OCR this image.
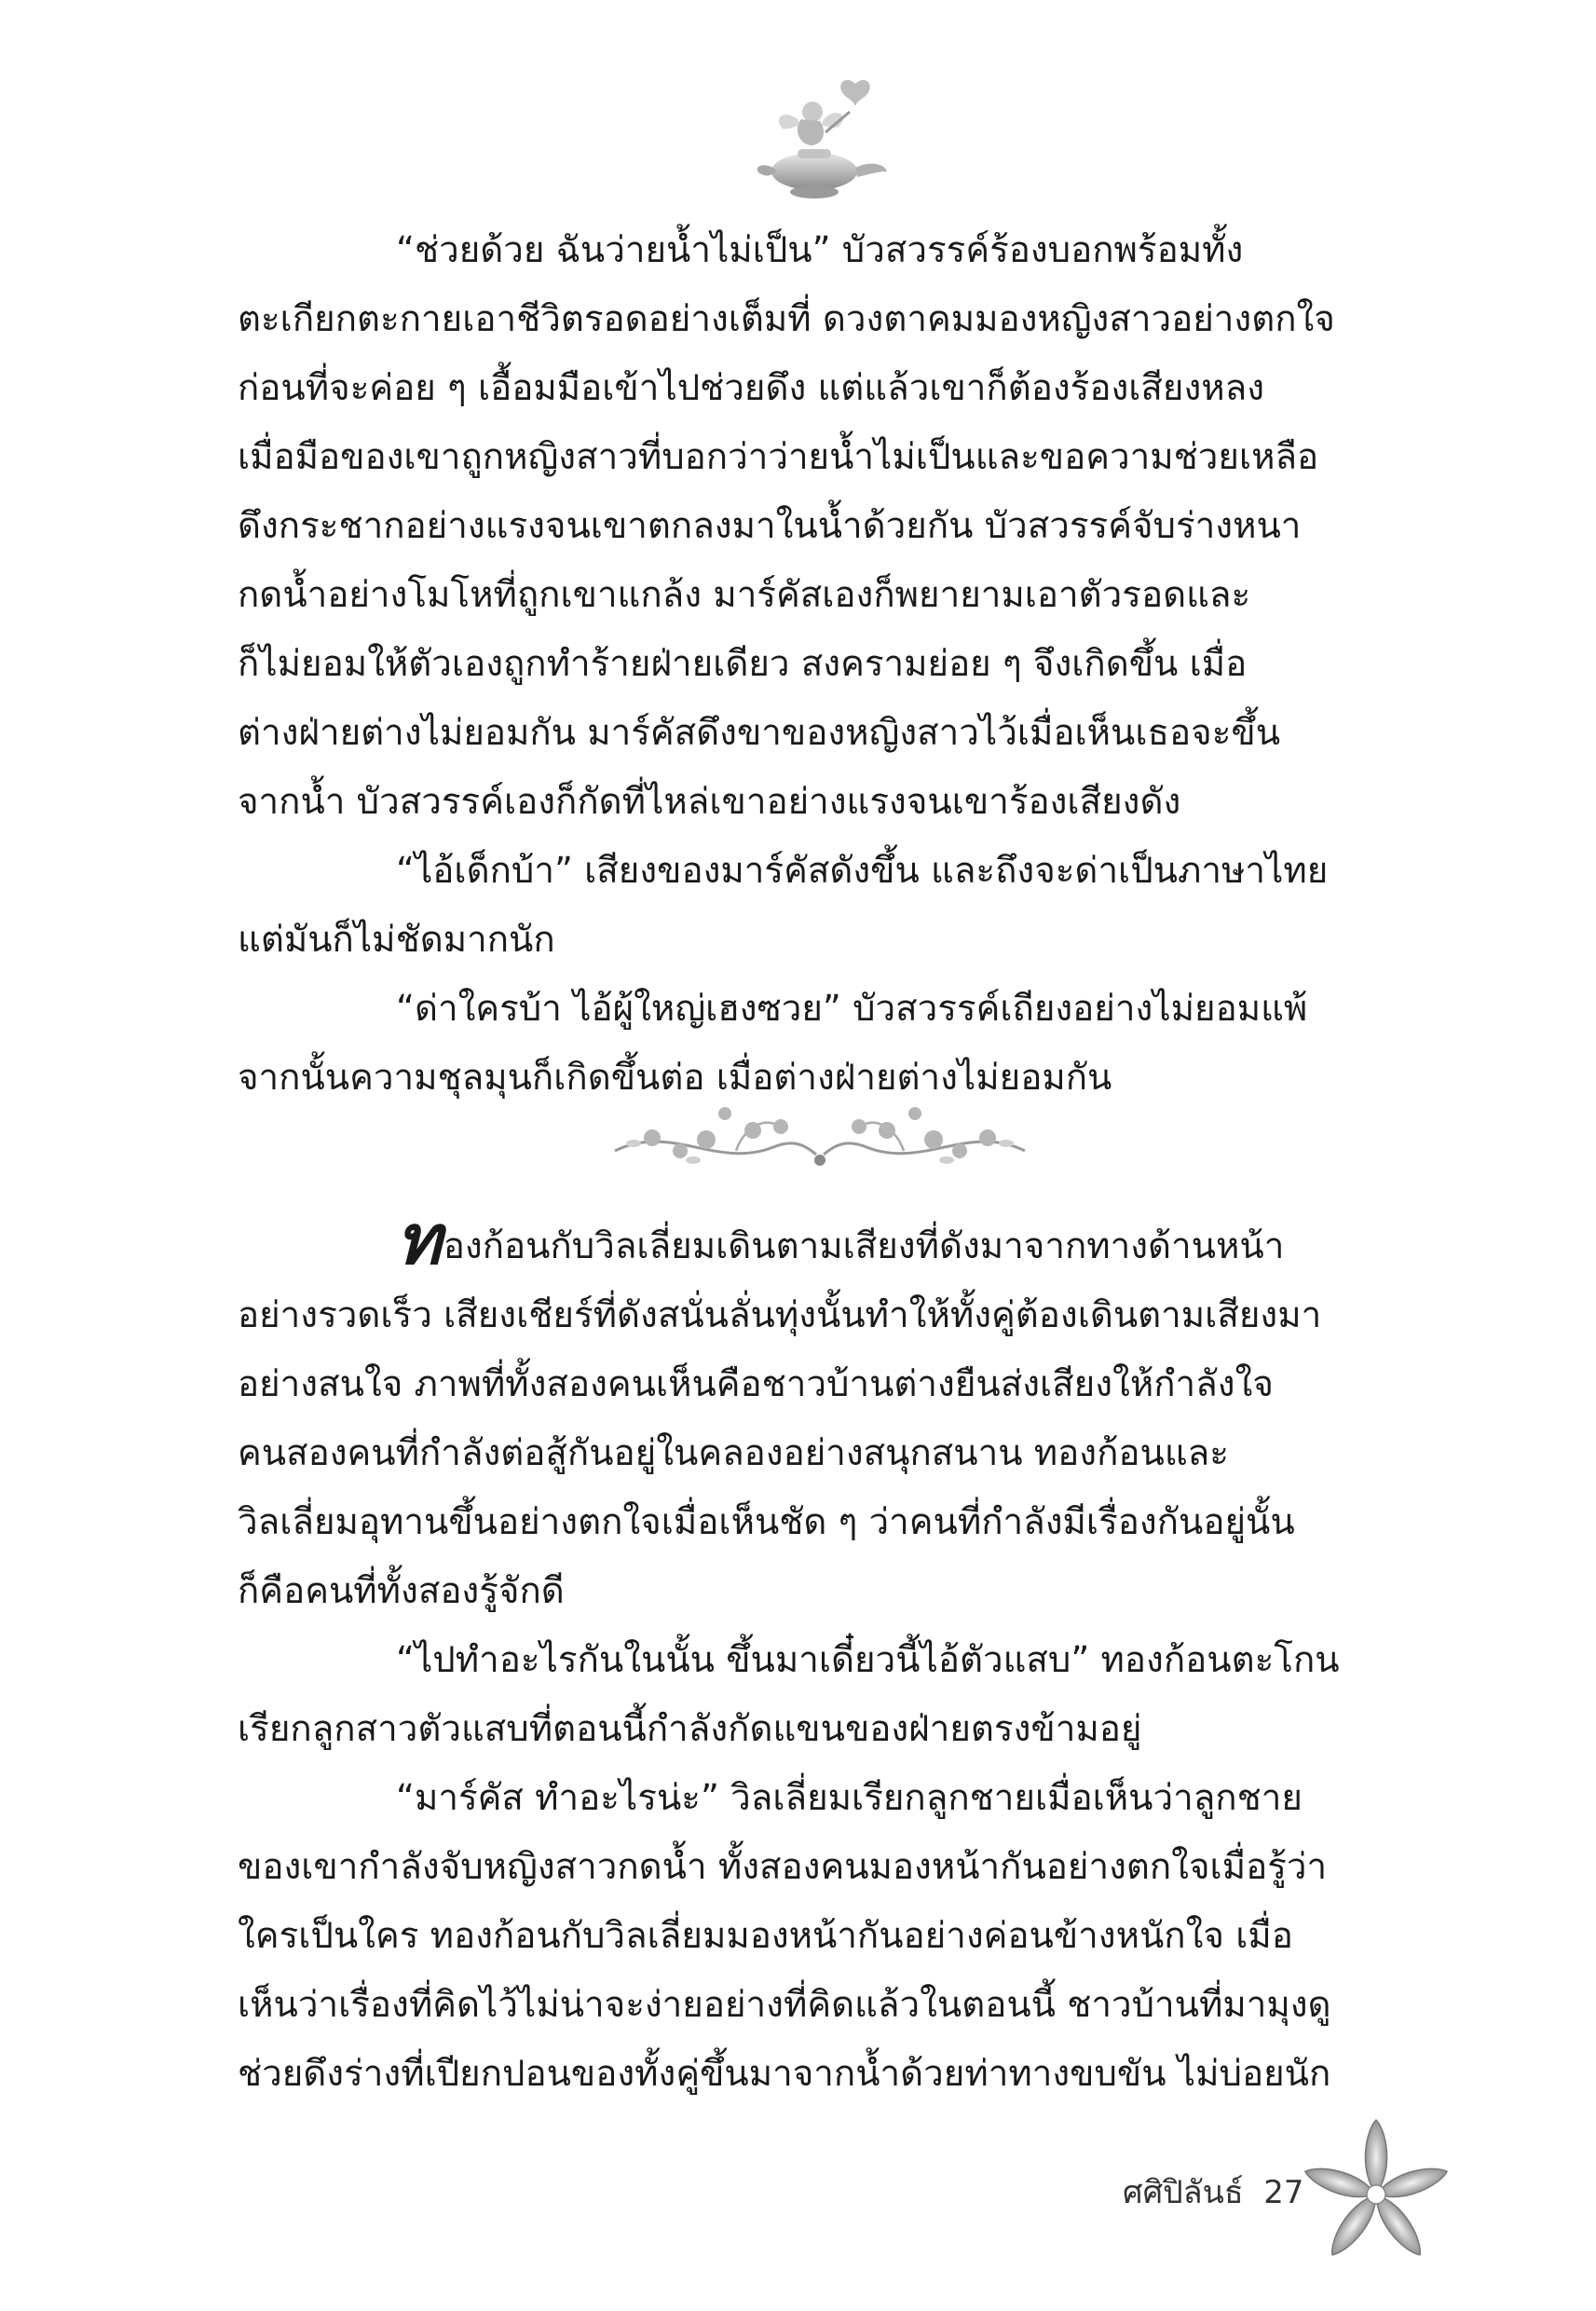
“ช่วยด้วย ฉันว่ายน้ำไม่เป็น” บัวสวรรค์ร้องบอกพร้อมทั้ง

ตะเกียกตะกายเอาชีวิตรอดอย่างเต็มที่ ดวงตาคมมองหญิงสาวอย่างตกใจ

ก่อนที่จะค่อย ๆ เอื้อมมือเข้าไปช่วยดึง แต่แล้วเขาก็ต้องร้องเสียงหลง

เมื่อมือของเขาถูกหญิงสาวที่บอกว่าว่ายน้ำไม่เป็นและขอความช่วยเหลือ

ดึงกระชากอย่างแรงจนเขาตกลงมาในน้ำด้วยกัน บัวสวรรค์จับร่างหนา

กดน้ำอย่างโมโหที่ถูกเขาแกล้ง มาร์คัสเองก็พยายามเอาตัวรอดและ

ก็ไม่ยอมให้ตัวเองถูกทำร้ายฝ่ายเดียว สงครามย่อย ๆ จึงเกิดขึ้น เมื่อ

ต่างฝ่ายต่างไม่ยอมกัน มาร์คัสดึงขาของหญิงสาวไว้เมื่อเห็นเธอจะขึ้น

จากน้ำ บัวสวรรค์เองก็กัดที่ไหล่เขาอย่างแรงจนเขาร้องเสียงดัง

“ไอ้เด็กบ้า” เสียงของมาร์คัสดังขึ้น และถึงจะด่าเป็นภาษาไทย

แต่มันก็ไม่ชัดมากนัก

“ด่าใครบ้า ไอ้ผู้ใหญ่เฮงซวย” บัวสวรรค์เถียงอย่างไม่ยอมแพ้

จากนั้นความชุลมุนก็เกิดขึ้นต่อ เมื่อต่างฝ่ายต่างไม่ยอมกัน

ทองก้อนกับวิลเลี่ยมเดินตามเสียงที่ดังมาจากทางด้านหน้า

อย่างรวดเร็ว เสียงเชียร์ที่ดังสนั่นลั่นทุ่งนั้นทำให้ทั้งคู่ต้องเดินตามเสียงมา

อย่างสนใจ ภาพที่ทั้งสองคนเห็นคือชาวบ้านต่างยืนส่งเสียงให้กำลังใจ

คนสองคนที่กำลังต่อสู้กันอยู่ในคลองอย่างสนุกสนาน ทองก้อนและ

วิลเลี่ยมอุทานขึ้นอย่างตกใจเมื่อเห็นชัด ๆ ว่าคนที่กำลังมีเรื่องกันอยู่นั้น

ก็คือคนที่ทั้งสองรู้จักดี

“ไปทำอะไรกันในนั้น ขึ้นมาเดี๋ยวนี้ไอ้ตัวแสบ” ทองก้อนตะโกน

เรียกลูกสาวตัวแสบที่ตอนนี้กำลังกัดแขนของฝ่ายตรงข้ามอยู่

“มาร์คัส ทำอะไรน่ะ” วิลเลี่ยมเรียกลูกชายเมื่อเห็นว่าลูกชาย

ของเขากำลังจับหญิงสาวกดน้ำ ทั้งสองคนมองหน้ากันอย่างตกใจเมื่อรู้ว่า

ใครเป็นใคร ทองก้อนกับวิลเลี่ยมมองหน้ากันอย่างค่อนข้างหนักใจ เมื่อ

เห็นว่าเรื่องที่คิดไว้ไม่น่าจะง่ายอย่างที่คิดแล้วในตอนนี้ ชาวบ้านที่มามุงดู

ช่วยดึงร่างที่เปียกปอนของทั้งคู่ขึ้นมาจากน้ำด้วยท่าทางขบขัน ไม่บ่อยนัก

ศศิปิลันธ์ 27
